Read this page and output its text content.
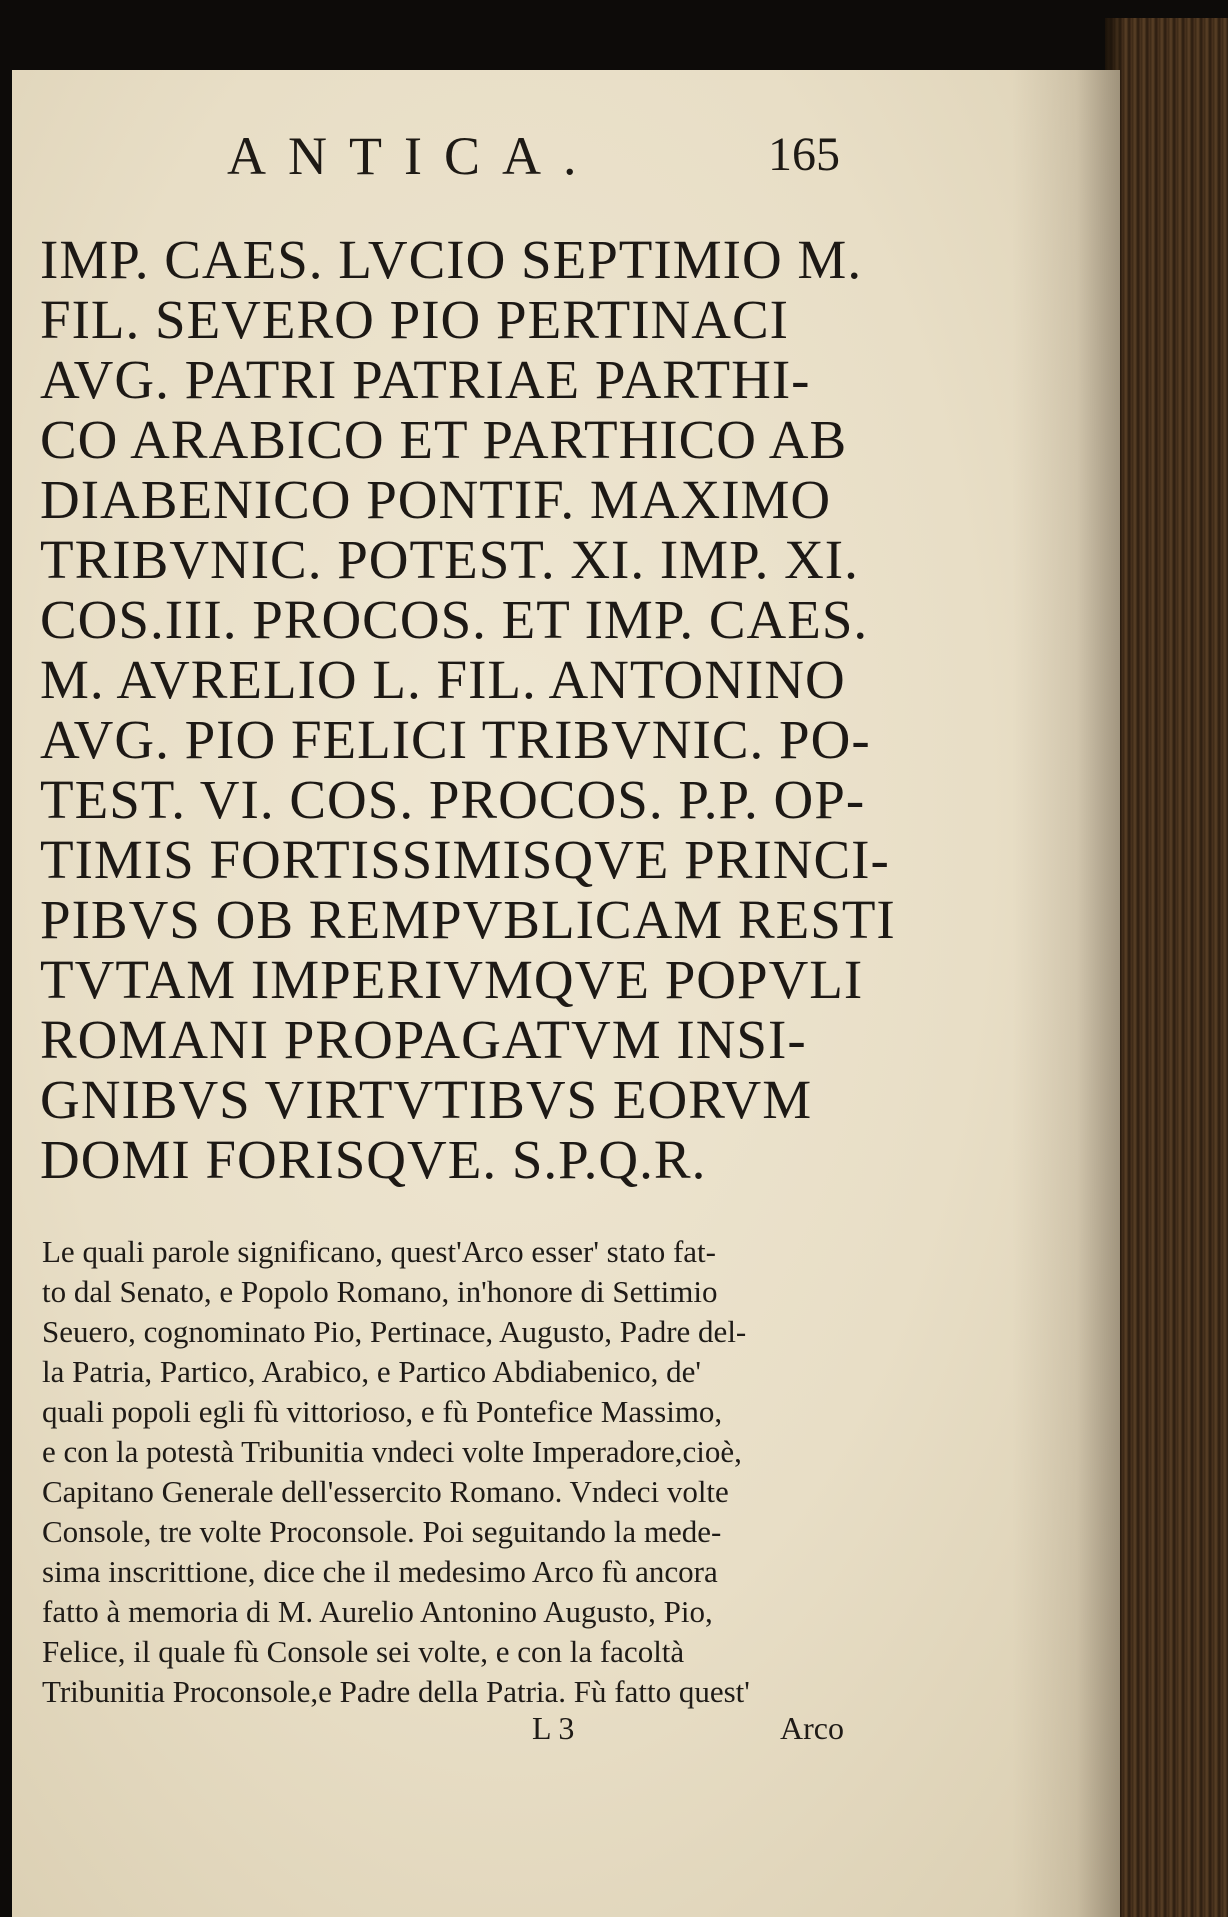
ANTICA.	165
IMP. CAES. LVCIO SEPTIMIO M.
FIL. SEVERO PIO PERTINACI
AVG. PATRI PATRIAE PARTHI-
CO ARABICO ET PARTHICO AB
DIABENICO PONTIF. MAXIMO
TRIBVNIC. POTEST. XI. IMP. XI.
COS.III. PROCOS. ET IMP. CAES.
M. AVRELIO L. FIL. ANTONINO
AVG. PIO FELICI TRIBVNIC. PO-
TEST. VI. COS. PROCOS. P.P. OP-
TIMIS FORTISSIMISQVE PRINCI-
PIBVS OB REMPVBLICAM RESTI
TVTAM IMPERIVMQVE POPVLI
ROMANI PROPAGATVM INSI-
GNIBVS VIRTVTIBVS EORVM
DOMI FORISQVE. S.P.Q.R.
Le quali parole significano, quest'Arco esser' stato fat-
to dal Senato, e Popolo Romano, in'honore di Settimio
Seuero, cognominato Pio, Pertinace, Augusto, Padre del-
la Patria, Partico, Arabico, e Partico Abdiabenico, de'
quali popoli egli fù vittorioso, e fù Pontefice Massimo,
e con la potestà Tribunitia vndeci volte Imperadore,cioè,
Capitano Generale dell'essercito Romano. Vndeci volte
Console, tre volte Proconsole. Poi seguitando la mede-
sima inscrittione, dice che il medesimo Arco fù ancora
fatto à memoria di M. Aurelio Antonino Augusto, Pio,
Felice, il quale fù Console sei volte, e con la facoltà
Tribunitia Proconsole,e Padre della Patria. Fù fatto quest'
L 3	Arco
